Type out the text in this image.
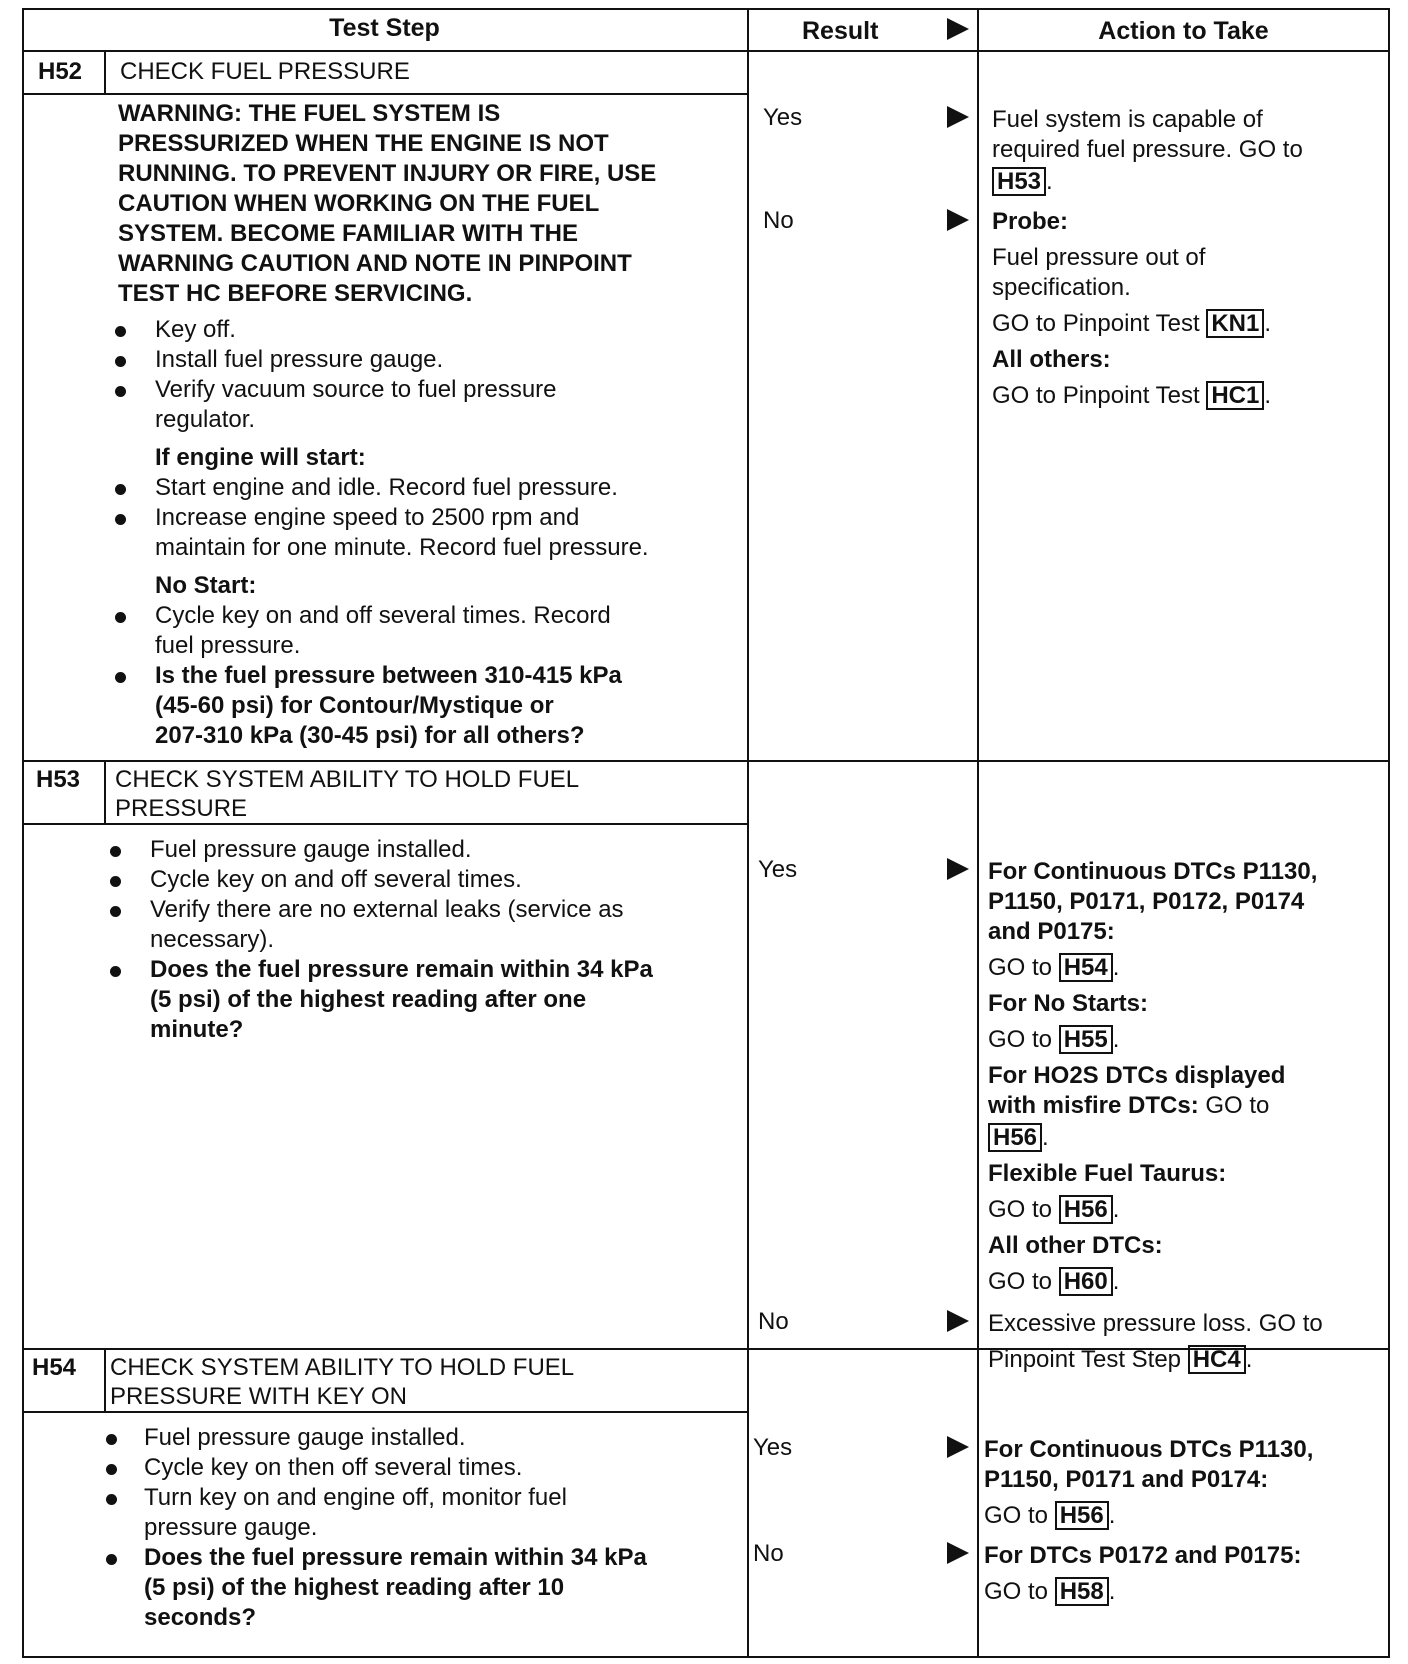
Test Step	Result	Action to Take
H52 CHECK FUEL PRESSURE
WARNING: THE FUEL SYSTEM IS
PRESSURIZED WHEN THE ENGINE IS NOT
RUNNING. TO PREVENT INJURY OR FIRE, USE
CAUTION WHEN WORKING ON THE FUEL
SYSTEM. BECOME FAMILIAR WITH THE
WARNING CAUTION AND NOTE IN PINPOINT
TEST HC BEFORE SERVICING.
Key off.
Install fuel pressure gauge.
Verify vacuum source to fuel pressure
regulator.
If engine will start:
Start engine and idle. Record fuel pressure.
Increase engine speed to 2500 rpm and
maintain for one minute. Record fuel pressure.
No Start:
Cycle key on and off several times. Record
fuel pressure.
Is the fuel pressure between 310-415 kPa
(45-60 psi) for Contour/Mystique or
207-310 kPa (30-45 psi) for all others?
Yes
No
Fuel system is capable of
required fuel pressure. GO to
H53 .
Probe:
Fuel pressure out of
specification.
GO to Pinpoint Test KN1 .
All others:
GO to Pinpoint Test HC1 .
H53 CHECK SYSTEM ABILITY TO HOLD FUEL
PRESSURE
Fuel pressure gauge installed.
Cycle key on and off several times.
Verify there are no external leaks (service as
necessary).
Does the fuel pressure remain within 34 kPa
(5 psi) of the highest reading after one
minute?
Yes
No
For Continuous DTCs P1130,
P1150, P0171, P0172, P0174
and P0175:
GO to H54 .
For No Starts:
GO to H55 .
For HO2S DTCs displayed
with misfire DTCs: GO to
H56 .
Flexible Fuel Taurus:
GO to H56 .
All other DTCs:
GO to H60 .
Excessive pressure loss. GO to
H54 CHECK SYSTEM ABILITY TO HOLD FUEL
PRESSURE WITH KEY ON
Fuel pressure gauge installed.
Cycle key on then off several times.
Turn key on and engine off, monitor fuel
pressure gauge.
Does the fuel pressure remain within 34 kPa
(5 psi) of the highest reading after 10
seconds?
Yes
No
For Continuous DTCs P1130,
P1150, P0171 and P0174:
GO to H56 .
For DTCs P0172 and P0175:
GO to H58 .
Pinpoint Test Step HC4 .
